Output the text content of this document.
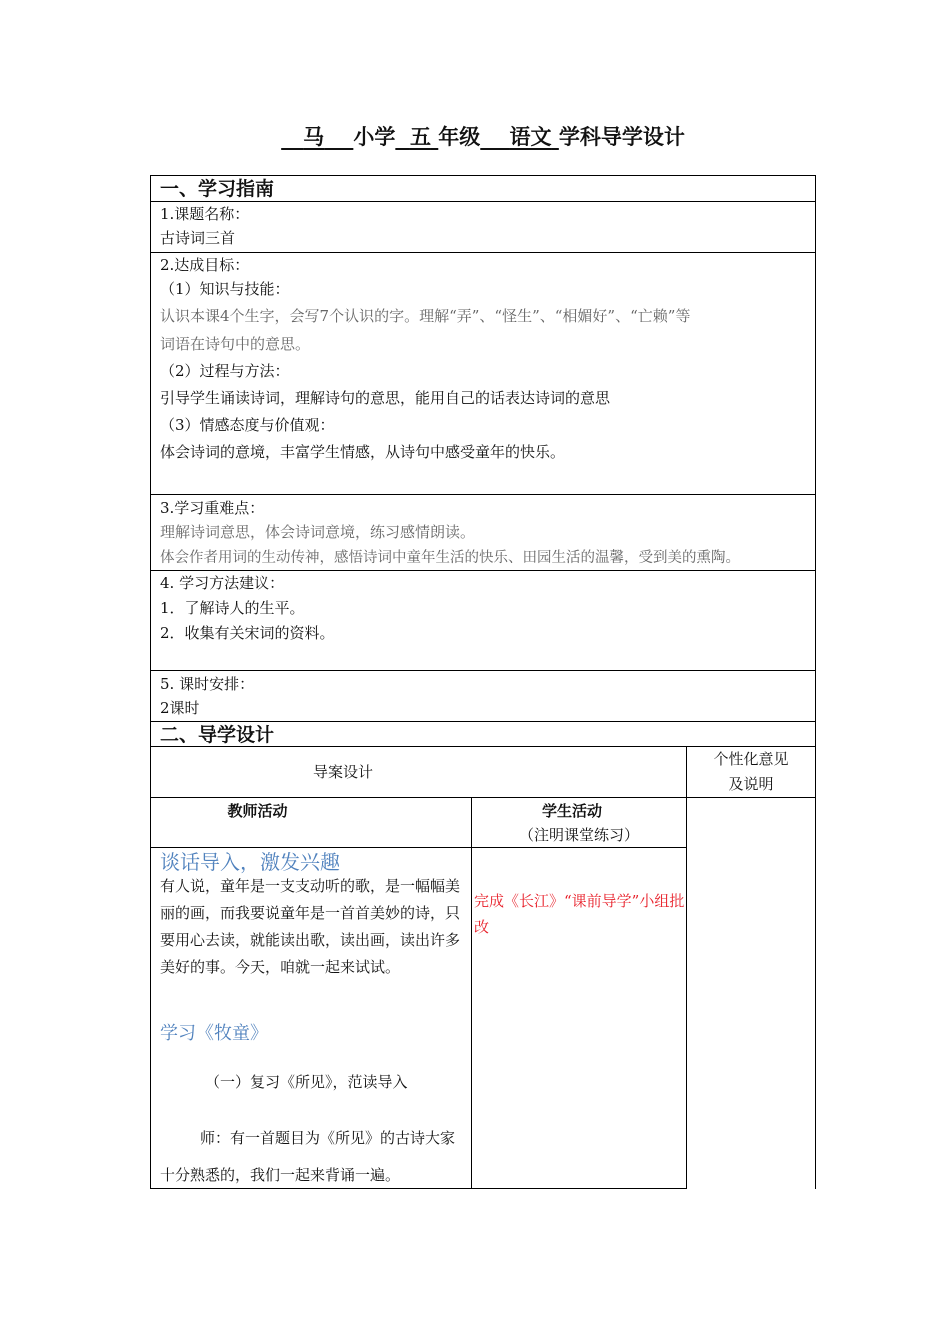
马 小学 五 年级 语文 学科导学设计
一、学习指南
1.课题名称：
古诗词三首
2.达成目标：
（1）知识与技能：
认识本课4个生字，会写7个认识的字。理解“弄”、“怪生”、“相媚好”、“亡赖”等
词语在诗句中的意思。
（2）过程与方法：
引导学生诵读诗词，理解诗句的意思，能用自己的话表达诗词的意思
（3）情感态度与价值观：
体会诗词的意境，丰富学生情感，从诗句中感受童年的快乐。
3.学习重难点：
理解诗词意思，体会诗词意境，练习感情朗读。
体会作者用词的生动传神，感悟诗词中童年生活的快乐、田园生活的温馨，受到美的熏陶。
4. 学习方法建议：
1．了解诗人的生平。
2．收集有关宋词的资料。
5. 课时安排：
2课时
二、导学设计
导案设计
个性化意见
及说明
教师活动	学生活动
（注明课堂练习）
谈话导入，激发兴趣
有人说，童年是一支支动听的歌，是一幅幅美丽的画，而我要说童年是一首首美妙的诗，只要用心去读，就能读出歌，读出画，读出许多美好的事。今天，咱就一起来试试。
学习《牧童》
（一）复习《所见》，范读导入
师：有一首题目为《所见》的古诗大家
十分熟悉的，我们一起来背诵一遍。
完成《长江》“课前导学”小组批改
